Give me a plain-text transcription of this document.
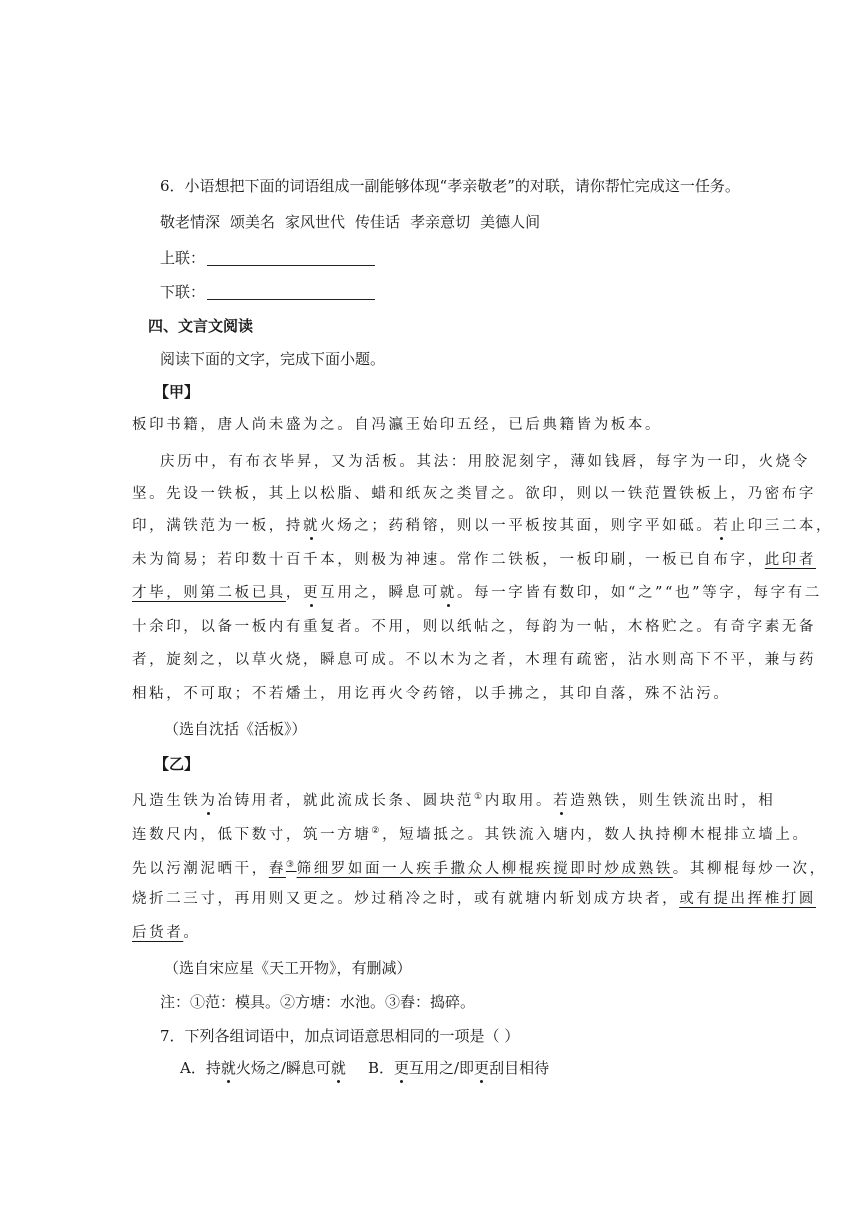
6．小语想把下面的词语组成一副能够体现“孝亲敬老”的对联，请你帮忙完成这一任务。
敬老情深 颂美名 家风世代 传佳话 孝亲意切 美德人间
上联：
下联：
四、文言文阅读
阅读下面的文字，完成下面小题。
【甲】
板印书籍，唐人尚未盛为之。自冯瀛王始印五经，已后典籍皆为板本。
庆历中，有布衣毕昇，又为活板。其法：用胶泥刻字，薄如钱唇，每字为一印，火烧令
坚。先设一铁板，其上以松脂、蜡和纸灰之类冒之。欲印，则以一铁范置铁板上，乃密布字
印，满铁范为一板，持就火炀之；药稍镕，则以一平板按其面，则字平如砥。若止印三二本，
未为简易；若印数十百千本，则极为神速。常作二铁板，一板印刷，一板已自布字，此印者
才毕，则第二板已具，更互用之，瞬息可就。每一字皆有数印，如“之”“也”等字，每字有二
十余印，以备一板内有重复者。不用，则以纸帖之，每韵为一帖，木格贮之。有奇字素无备
者，旋刻之，以草火烧，瞬息可成。不以木为之者，木理有疏密，沾水则高下不平，兼与药
相粘，不可取；不若燔土，用讫再火令药镕，以手拂之，其印自落，殊不沾污。
（选自沈括《活板》）
【乙】
凡造生铁为冶铸用者，就此流成长条、圆块范①内取用。若造熟铁，则生铁流出时，相
连数尺内，低下数寸，筑一方塘②，短墙抵之。其铁流入塘内，数人执持柳木棍排立墙上。
先以污潮泥晒干，舂③筛细罗如面一人疾手撒众人柳棍疾搅即时炒成熟铁。其柳棍每炒一次，
烧折二三寸，再用则又更之。炒过稍冷之时，或有就塘内斩划成方块者，或有提出挥椎打圆
后货者。
（选自宋应星《天工开物》，有删减）
注：①范：模具。②方塘：水池。③舂：捣碎。
7．下列各组词语中，加点词语意思相同的一项是（ ）
A．持就火炀之/瞬息可就 B．更互用之/即更刮目相待
